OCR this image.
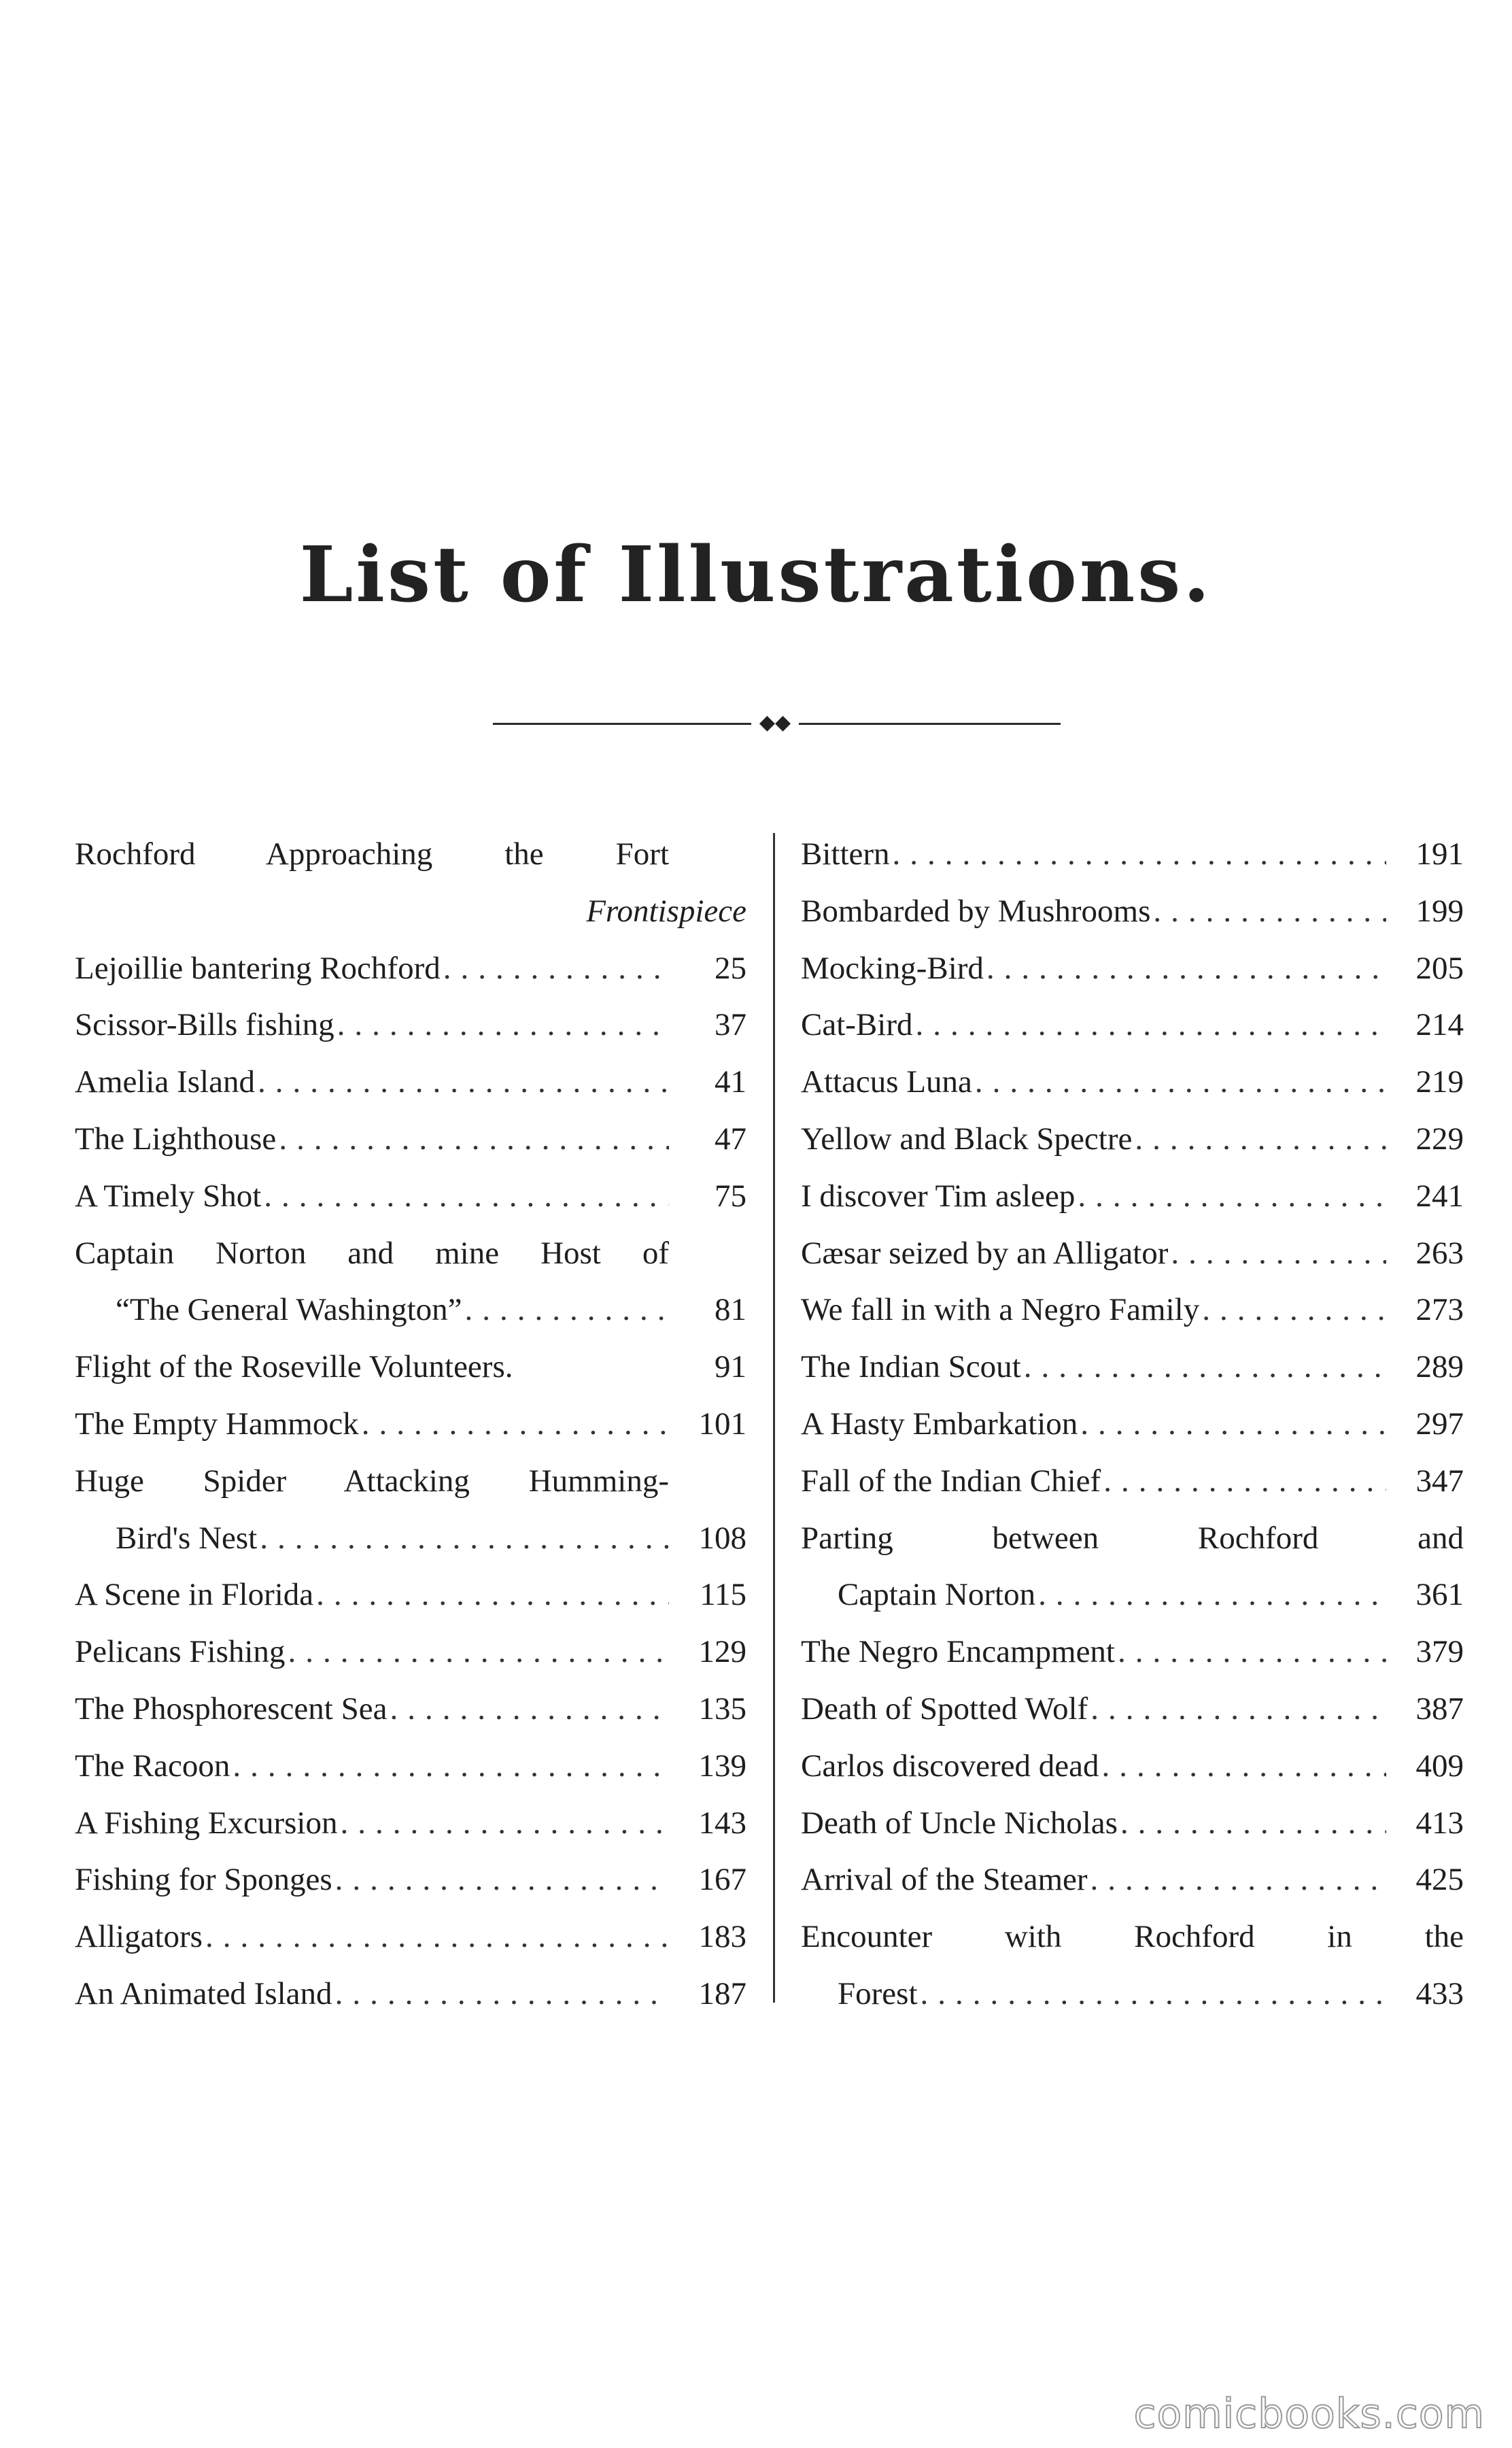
List of Illustrations.
◆◆
Rochford Approaching the Fort
Frontispiece
Lejoillie bantering Rochford .....	25
Scissor-Bills fishing .....	37
Amelia Island .....	41
The Lighthouse .....	47
A Timely Shot .....	75
Captain Norton and mine Host of
“The General Washington” .....	81
Flight of the Roseville Volunteers.	91
The Empty Hammock .....	101
Huge Spider Attacking Humming-
Bird's Nest .....	108
A Scene in Florida .....	115
Pelicans Fishing .....	129
The Phosphorescent Sea .....	135
The Racoon .....	139
A Fishing Excursion .....	143
Fishing for Sponges .....	167
Alligators .....	183
An Animated Island .....	187
Bittern .....	191
Bombarded by Mushrooms .....	199
Mocking-Bird .....	205
Cat-Bird .....	214
Attacus Luna .....	219
Yellow and Black Spectre .....	229
I discover Tim asleep .....	241
Cæsar seized by an Alligator .....	263
We fall in with a Negro Family .....	273
The Indian Scout .....	289
A Hasty Embarkation .....	297
Fall of the Indian Chief .....	347
Parting between Rochford and
Captain Norton .....	361
The Negro Encampment .....	379
Death of Spotted Wolf .....	387
Carlos discovered dead .....	409
Death of Uncle Nicholas .....	413
Arrival of the Steamer .....	425
Encounter with Rochford in the
Forest .....	433
comicbooks.com
